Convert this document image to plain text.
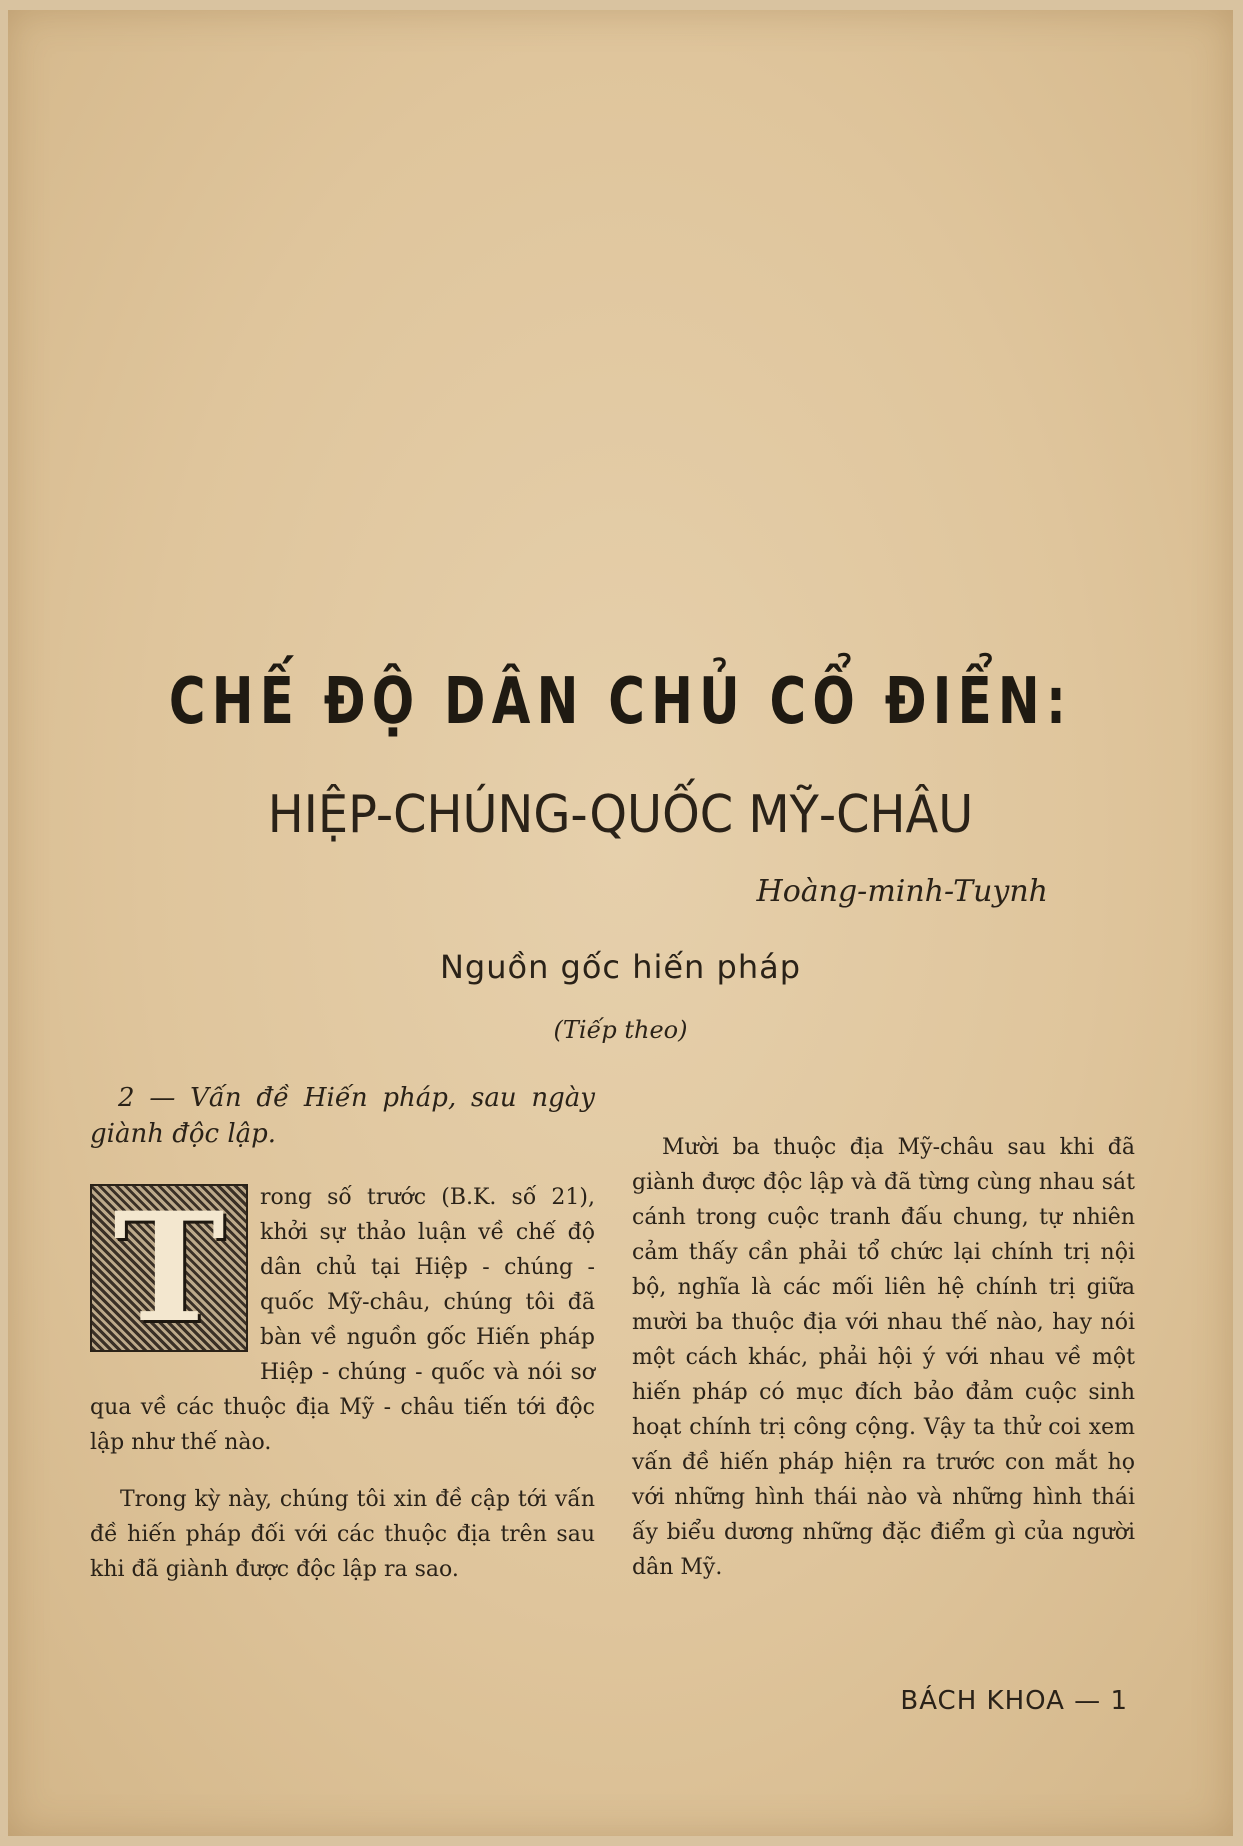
CHẾ ĐỘ DÂN CHỦ CỔ ĐIỂN:
HIỆP-CHÚNG-QUỐC MỸ-CHÂU
Hoàng-minh-Tuynh
Nguồn gốc hiến pháp
(Tiếp theo)

2 — Vấn đề Hiến pháp, sau ngày giành độc lập.

T	rong số trước (B.K. số 21), khởi sự thảo luận về chế độ dân chủ tại Hiệp - chúng - quốc Mỹ-châu, chúng tôi đã bàn về nguồn gốc Hiến pháp Hiệp - chúng - quốc và nói sơ qua về các thuộc địa Mỹ - châu tiến tới độc lập như thế nào.

Trong kỳ này, chúng tôi xin đề cập tới vấn đề hiến pháp đối với các thuộc địa trên sau khi đã giành được độc lập ra sao.

Mười ba thuộc địa Mỹ-châu sau khi đã giành được độc lập và đã từng cùng nhau sát cánh trong cuộc tranh đấu chung, tự nhiên cảm thấy cần phải tổ chức lại chính trị nội bộ, nghĩa là các mối liên hệ chính trị giữa mười ba thuộc địa với nhau thế nào, hay nói một cách khác, phải hội ý với nhau về một hiến pháp có mục đích bảo đảm cuộc sinh hoạt chính trị công cộng. Vậy ta thử coi xem vấn đề hiến pháp hiện ra trước con mắt họ với những hình thái nào và những hình thái ấy biểu dương những đặc điểm gì của người dân Mỹ.

BÁCH KHOA — 1
